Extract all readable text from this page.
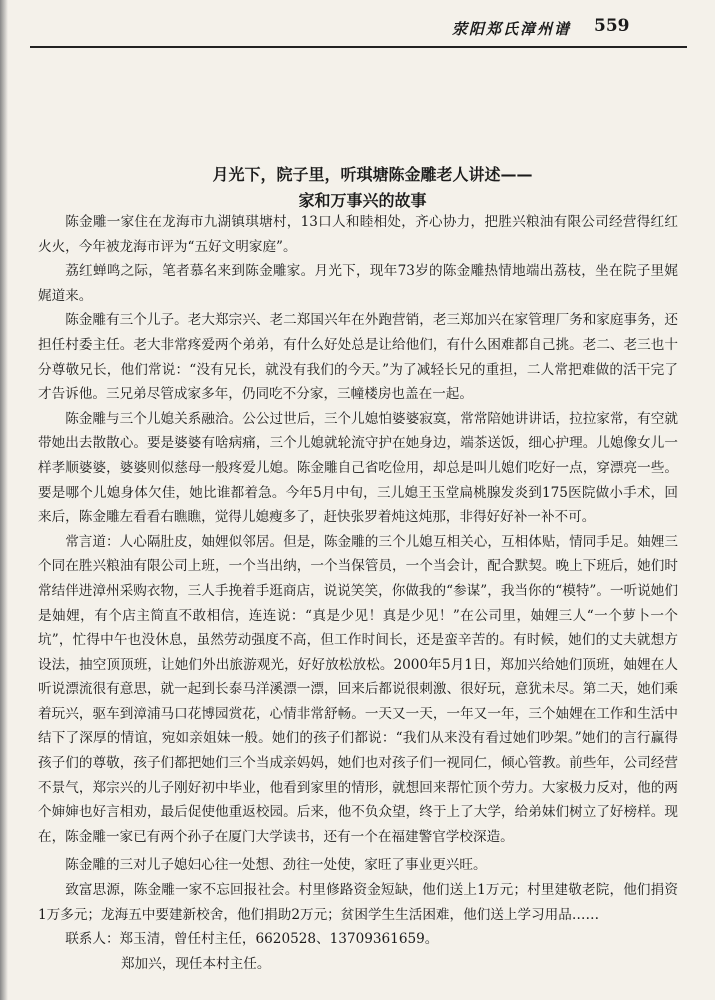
荥阳郑氏漳州谱 559
月光下，院子里，听琪塘陈金雕老人讲述——
家和万事兴的故事

陈金雕一家住在龙海市九湖镇琪塘村，13口人和睦相处，齐心协力，把胜兴粮油有限公司经营得红红火火，今年被龙海市评为“五好文明家庭”。

荔红蝉鸣之际，笔者慕名来到陈金雕家。月光下，现年73岁的陈金雕热情地端出荔枝，坐在院子里娓娓道来。

陈金雕有三个儿子。老大郑宗兴、老二郑国兴年在外跑营销，老三郑加兴在家管理厂务和家庭事务，还担任村委主任。老大非常疼爱两个弟弟，有什么好处总是让给他们，有什么困难都自己挑。老二、老三也十分尊敬兄长，他们常说：“没有兄长，就没有我们的今天。”为了减轻长兄的重担，二人常把难做的活干完了才告诉他。三兄弟尽管成家多年，仍同吃不分家，三幢楼房也盖在一起。

陈金雕与三个儿媳关系融洽。公公过世后，三个儿媳怕婆婆寂寞，常常陪她讲讲话，拉拉家常，有空就带她出去散散心。要是婆婆有啥病痛，三个儿媳就轮流守护在她身边，端茶送饭，细心护理。儿媳像女儿一样孝顺婆婆，婆婆则似慈母一般疼爱儿媳。陈金雕自己省吃俭用，却总是叫儿媳们吃好一点，穿漂亮一些。要是哪个儿媳身体欠佳，她比谁都着急。今年5月中旬，三儿媳王玉堂扁桃腺发炎到175医院做小手术，回来后，陈金雕左看看右瞧瞧，觉得儿媳瘦多了，赶快张罗着炖这炖那，非得好好补一补不可。

常言道：人心隔肚皮，妯娌似邻居。但是，陈金雕的三个儿媳互相关心，互相体贴，情同手足。妯娌三个同在胜兴粮油有限公司上班，一个当出纳，一个当保管员，一个当会计，配合默契。晚上下班后，她们时常结伴进漳州采购衣物，三人手挽着手逛商店，说说笑笑，你做我的“参谋”，我当你的“模特”。一听说她们是妯娌，有个店主简直不敢相信，连连说：“真是少见！真是少见！”在公司里，妯娌三人“一个萝卜一个坑”，忙得中午也没休息，虽然劳动强度不高，但工作时间长，还是蛮辛苦的。有时候，她们的丈夫就想方设法，抽空顶顶班，让她们外出旅游观光，好好放松放松。2000年5月1日，郑加兴给她们顶班，妯娌在人听说漂流很有意思，就一起到长泰马洋溪漂一漂，回来后都说很刺激、很好玩，意犹未尽。第二天，她们乘着玩兴，驱车到漳浦马口花博园赏花，心情非常舒畅。一天又一天，一年又一年，三个妯娌在工作和生活中结下了深厚的情谊，宛如亲姐妹一般。她们的孩子们都说：“我们从来没有看过她们吵架。”她们的言行赢得孩子们的尊敬，孩子们都把她们三个当成亲妈妈，她们也对孩子们一视同仁，倾心管教。前些年，公司经营不景气，郑宗兴的儿子刚好初中毕业，他看到家里的情形，就想回来帮忙顶个劳力。大家极力反对，他的两个婶婶也好言相劝，最后促使他重返校园。后来，他不负众望，终于上了大学，给弟妹们树立了好榜样。现在，陈金雕一家已有两个孙子在厦门大学读书，还有一个在福建警官学校深造。

陈金雕的三对儿子媳妇心往一处想、劲往一处使，家旺了事业更兴旺。

致富思源，陈金雕一家不忘回报社会。村里修路资金短缺，他们送上1万元；村里建敬老院，他们捐资1万多元；龙海五中要建新校舍，他们捐助2万元；贫困学生生活困难，他们送上学习用品……

联系人：郑玉清，曾任村主任，6620528、13709361659。

郑加兴，现任本村主任。
